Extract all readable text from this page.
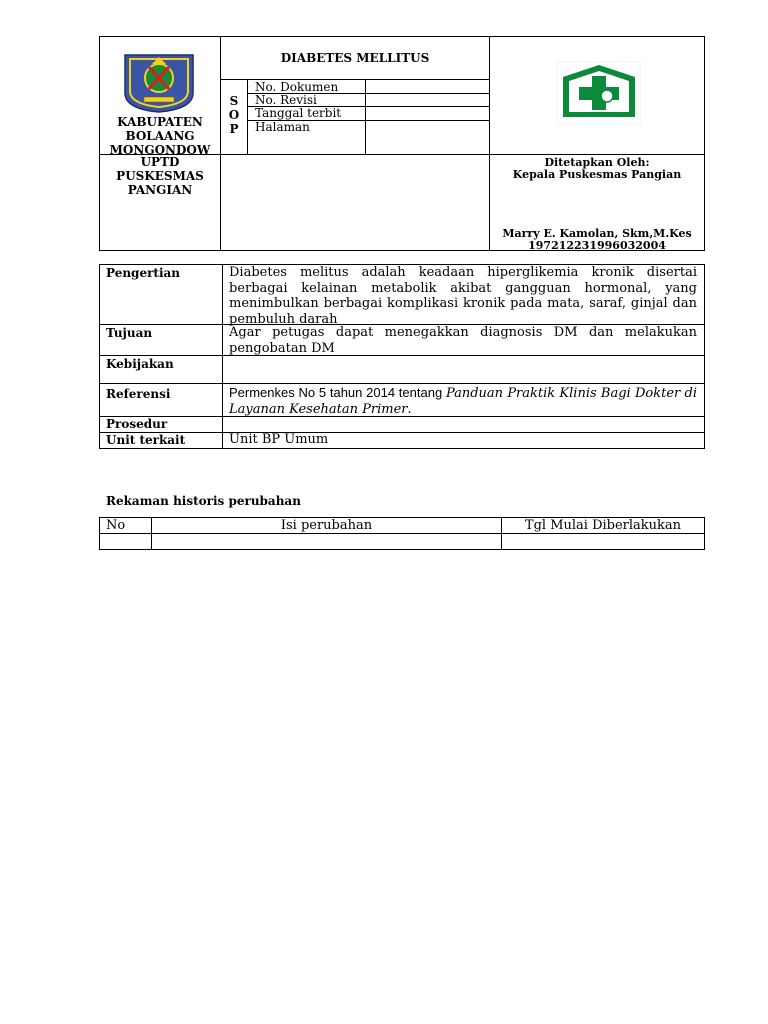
KABUPATEN
BOLAANG
MONGONDOW
DIABETES MELLITUS
S
O
P
No. Dokumen
No. Revisi
Tanggal terbit
Halaman
UPTD
PUSKESMAS
PANGIAN
Ditetapkan Oleh:
Kepala Puskesmas Pangian
Marry E. Kamolan, Skm,M.Kes
197212231996032004
Pengertian	Diabetes melitus adalah keadaan hiperglikemia kronik disertai berbagai kelainan metabolik akibat gangguan hormonal, yang menimbulkan berbagai komplikasi kronik pada mata, saraf, ginjal dan pembuluh darah
Tujuan	Agar petugas dapat menegakkan diagnosis DM dan melakukan pengobatan DM
Kebijakan
Referensi	Permenkes No 5 tahun 2014 tentang Panduan Praktik Klinis Bagi Dokter di Layanan Kesehatan Primer.
Prosedur
Unit terkait	Unit BP Umum
Rekaman historis perubahan
No	Isi perubahan	Tgl Mulai Diberlakukan
